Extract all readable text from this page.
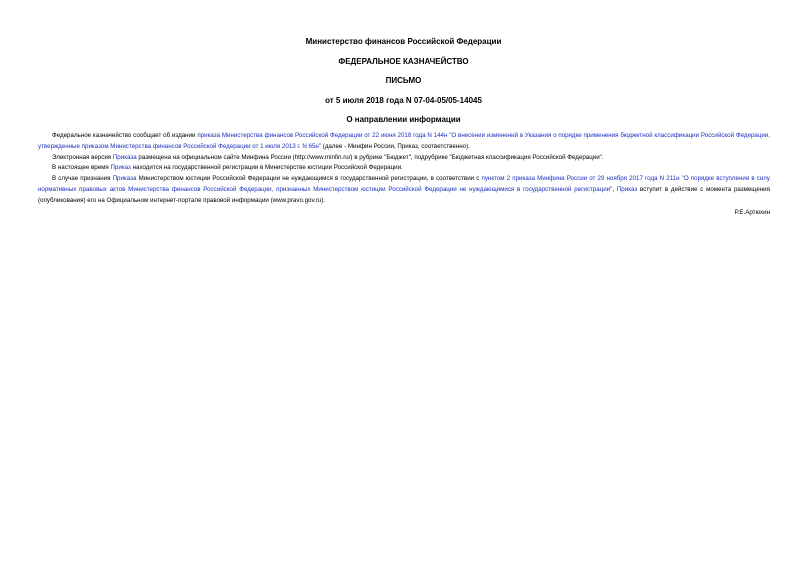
Министерство финансов Российской Федерации
ФЕДЕРАЛЬНОЕ КАЗНАЧЕЙСТВО
ПИСЬМО
от 5 июля 2018 года N 07-04-05/05-14045
О направлении информации

Федеральное казначейство сообщает об издании приказа Министерства финансов Российской Федерации от 22 июня 2018 года N 144н "О внесении изменений в Указания о порядке применения бюджетной классификации Российской Федерации, утвержденные приказом Министерства финансов Российской Федерации от 1 июля 2013 г. N 65н" (далее - Минфин России, Приказ, соответственно).

Электронная версия Приказа размещена на официальном сайте Минфина России (http://www.minfin.ru/) в рубрике "Бюджет", подрубрике "Бюджетная классификация Российской Федерации".

В настоящее время Приказ находится на государственной регистрации в Министерстве юстиции Российской Федерации.

В случае признания Приказа Министерством юстиции Российской Федерации не нуждающимся в государственной регистрации, в соответствии с пунктом 2 приказа Минфина России от 29 ноября 2017 года N 211н "О порядке вступления в силу нормативных правовых актов Министерства финансов Российской Федерации, признанных Министерством юстиции Российской Федерации не нуждающимися в государственной регистрации", Приказ вступит в действие с момента размещения (опубликования) его на Официальном интернет-портале правовой информации (www.pravo.gov.ru).

Р.Е.Артюхин
